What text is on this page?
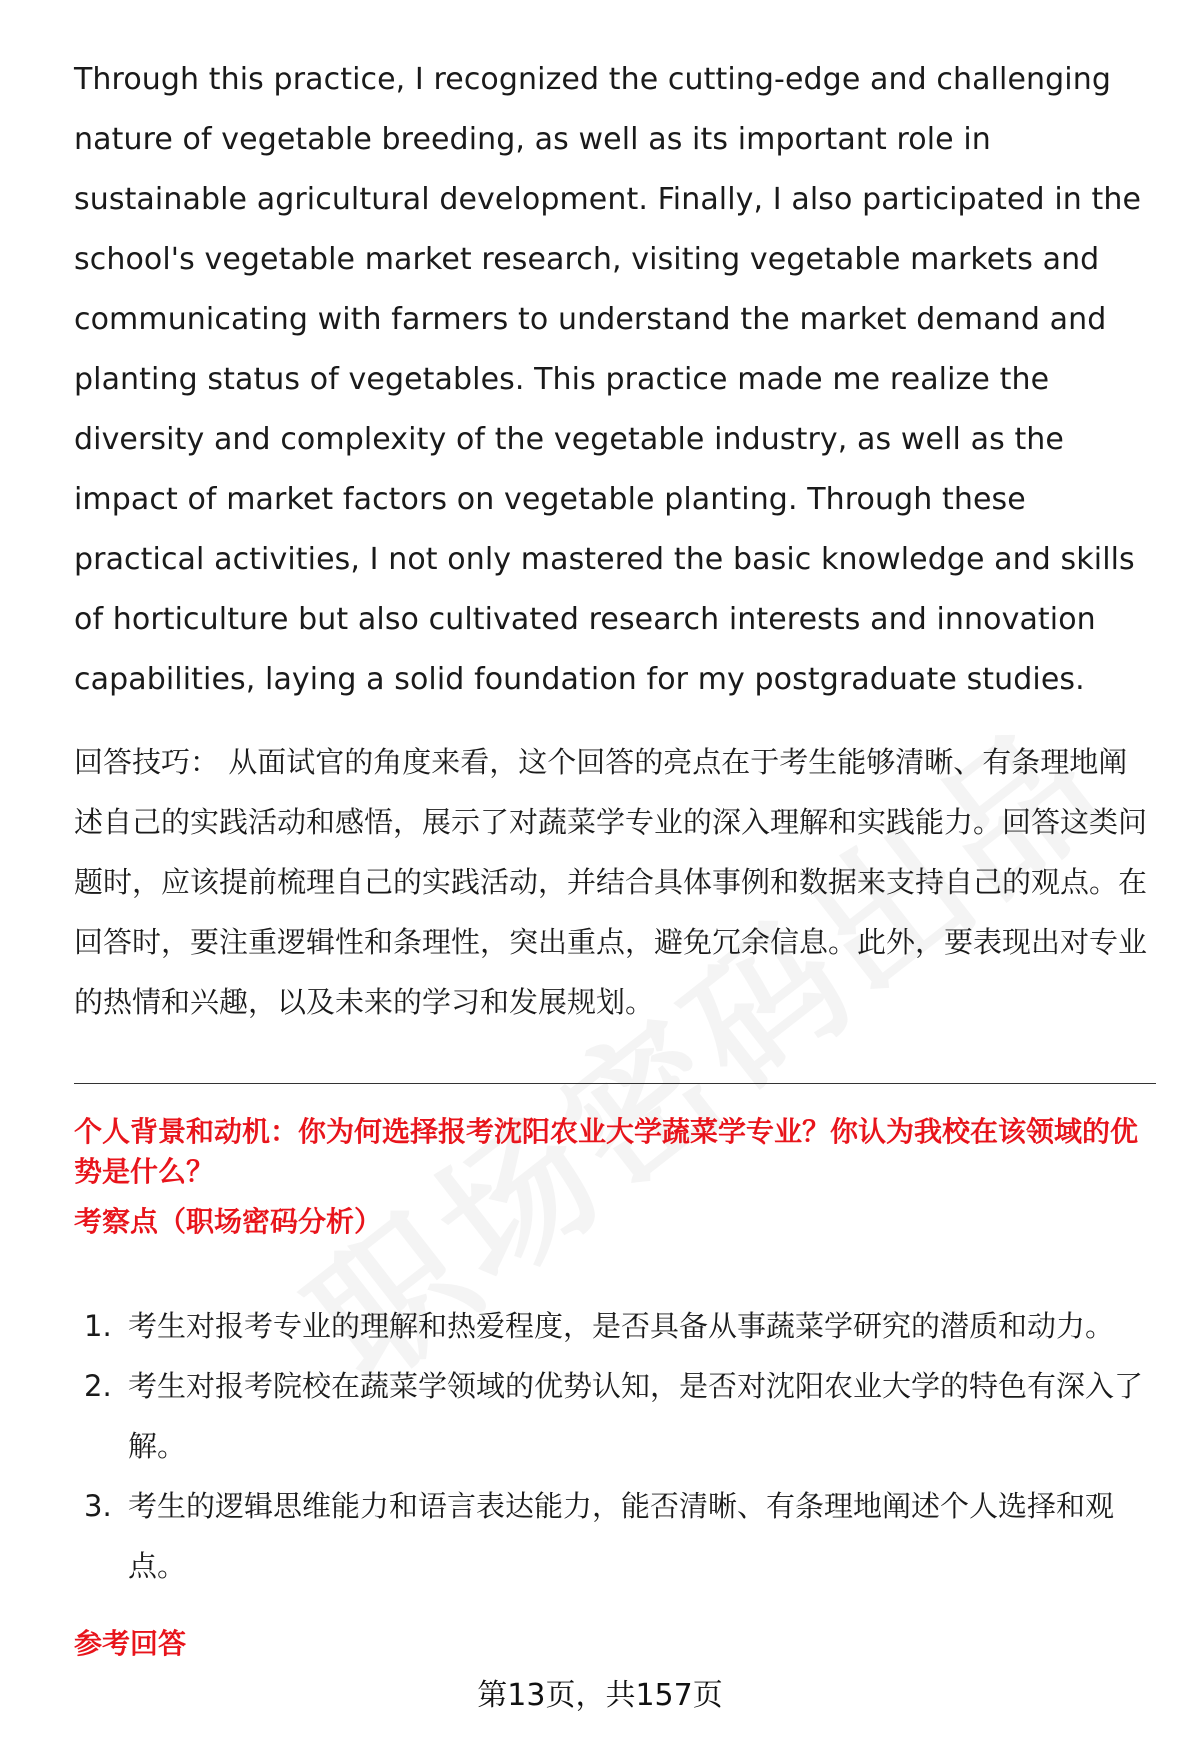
Through this practice, I recognized the cutting-edge and challenging nature of vegetable breeding, as well as its important role in sustainable agricultural development. Finally, I also participated in the school's vegetable market research, visiting vegetable markets and communicating with farmers to understand the market demand and planting status of vegetables. This practice made me realize the diversity and complexity of the vegetable industry, as well as the impact of market factors on vegetable planting. Through these practical activities, I not only mastered the basic knowledge and skills of horticulture but also cultivated research interests and innovation capabilities, laying a solid foundation for my postgraduate studies.

回答技巧： 从面试官的角度来看，这个回答的亮点在于考生能够清晰、有条理地阐述自己的实践活动和感悟，展示了对蔬菜学专业的深入理解和实践能力。回答这类问题时，应该提前梳理自己的实践活动，并结合具体事例和数据来支持自己的观点。在回答时，要注重逻辑性和条理性，突出重点，避免冗余信息。此外，要表现出对专业的热情和兴趣，以及未来的学习和发展规划。

个人背景和动机：你为何选择报考沈阳农业大学蔬菜学专业？你认为我校在该领域的优势是什么？

考察点（职场密码分析）

1. 考生对报考专业的理解和热爱程度，是否具备从事蔬菜学研究的潜质和动力。
2. 考生对报考院校在蔬菜学领域的优势认知，是否对沈阳农业大学的特色有深入了解。
3. 考生的逻辑思维能力和语言表达能力，能否清晰、有条理地阐述个人选择和观点。

参考回答

第13页，共157页
